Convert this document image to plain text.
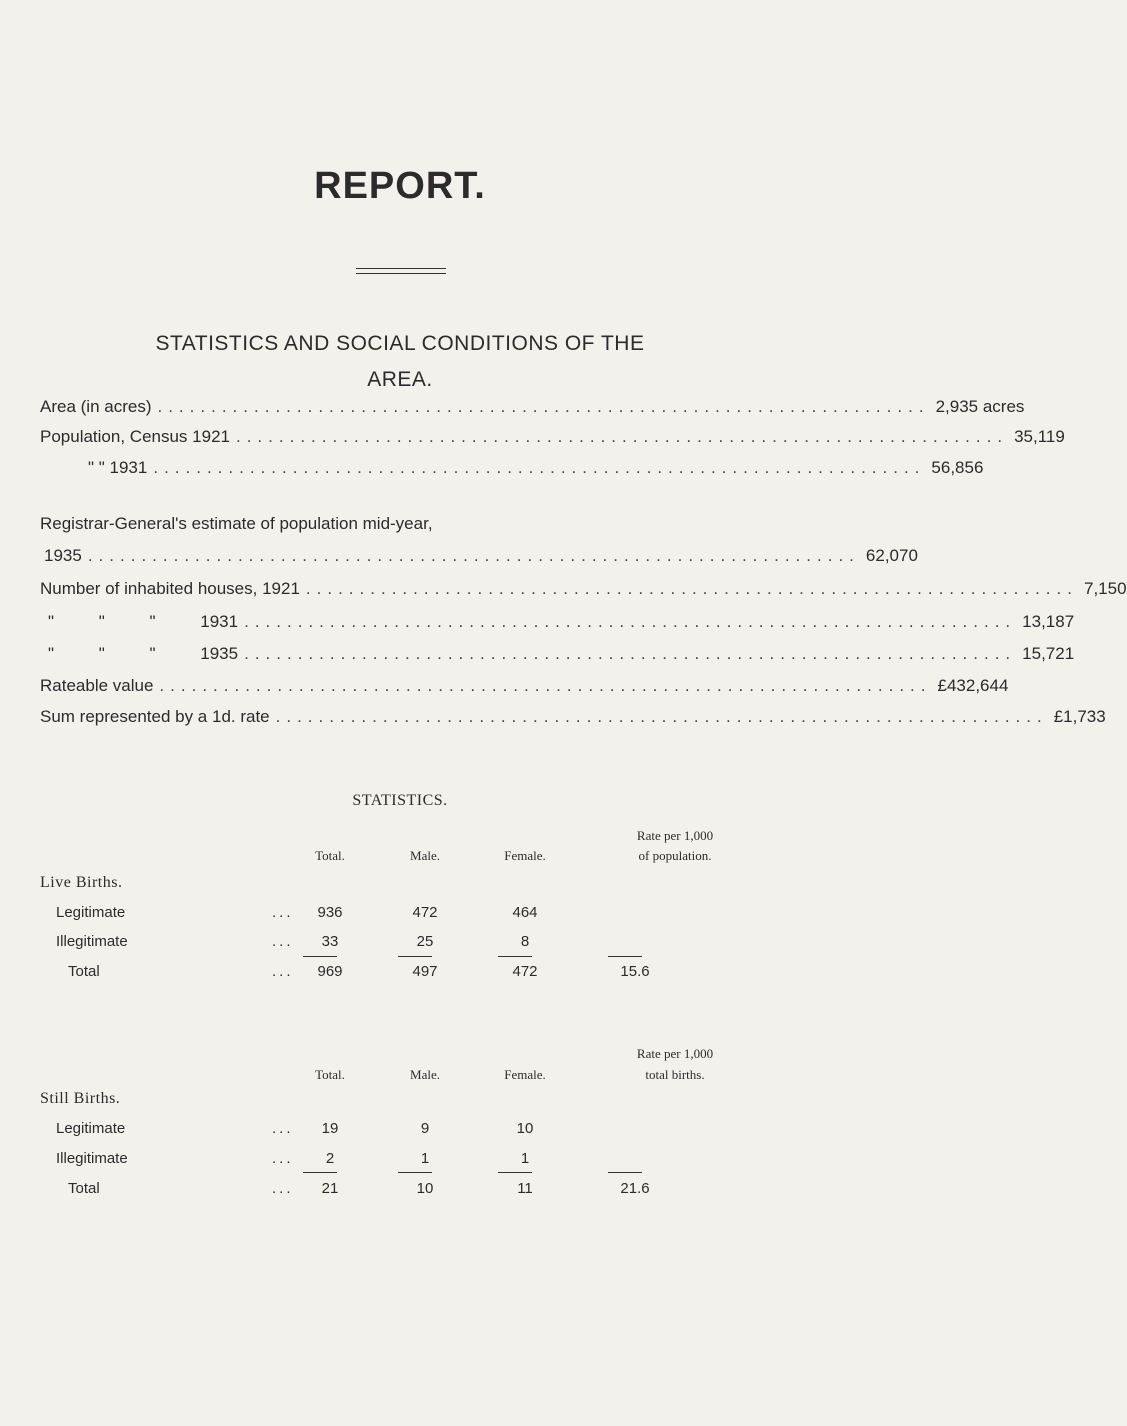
REPORT.
STATISTICS AND SOCIAL CONDITIONS OF THE
AREA.
Area (in acres) ........................................................................ 2,935 acres
Population, Census 1921 ........................................................................ 35,119
" " 1931 ........................................................................ 56,856
Registrar-General's estimate of population mid-year,
1935 ........................................................................ 62,070
Number of inhabited houses, 1921 ........................................................................ 7,150
" " " 1931 ........................................................................ 13,187
" " " 1935 ........................................................................ 15,721
Rateable value ........................................................................ £432,644
Sum represented by a 1d. rate ........................................................................ £1,733
STATISTICS.
Total.	Male.	Female.
Rate per 1,000
of population.
Live Births.
Legitimate	...	936	472	464
Illegitimate	...	33	25	8
Total	...	969	497	472	15.6
Total.	Male.	Female.
Rate per 1,000
total births.
Still Births.
Legitimate	...	19	9	10
Illegitimate	...	2	1	1
Total	...	21	10	11	21.6
